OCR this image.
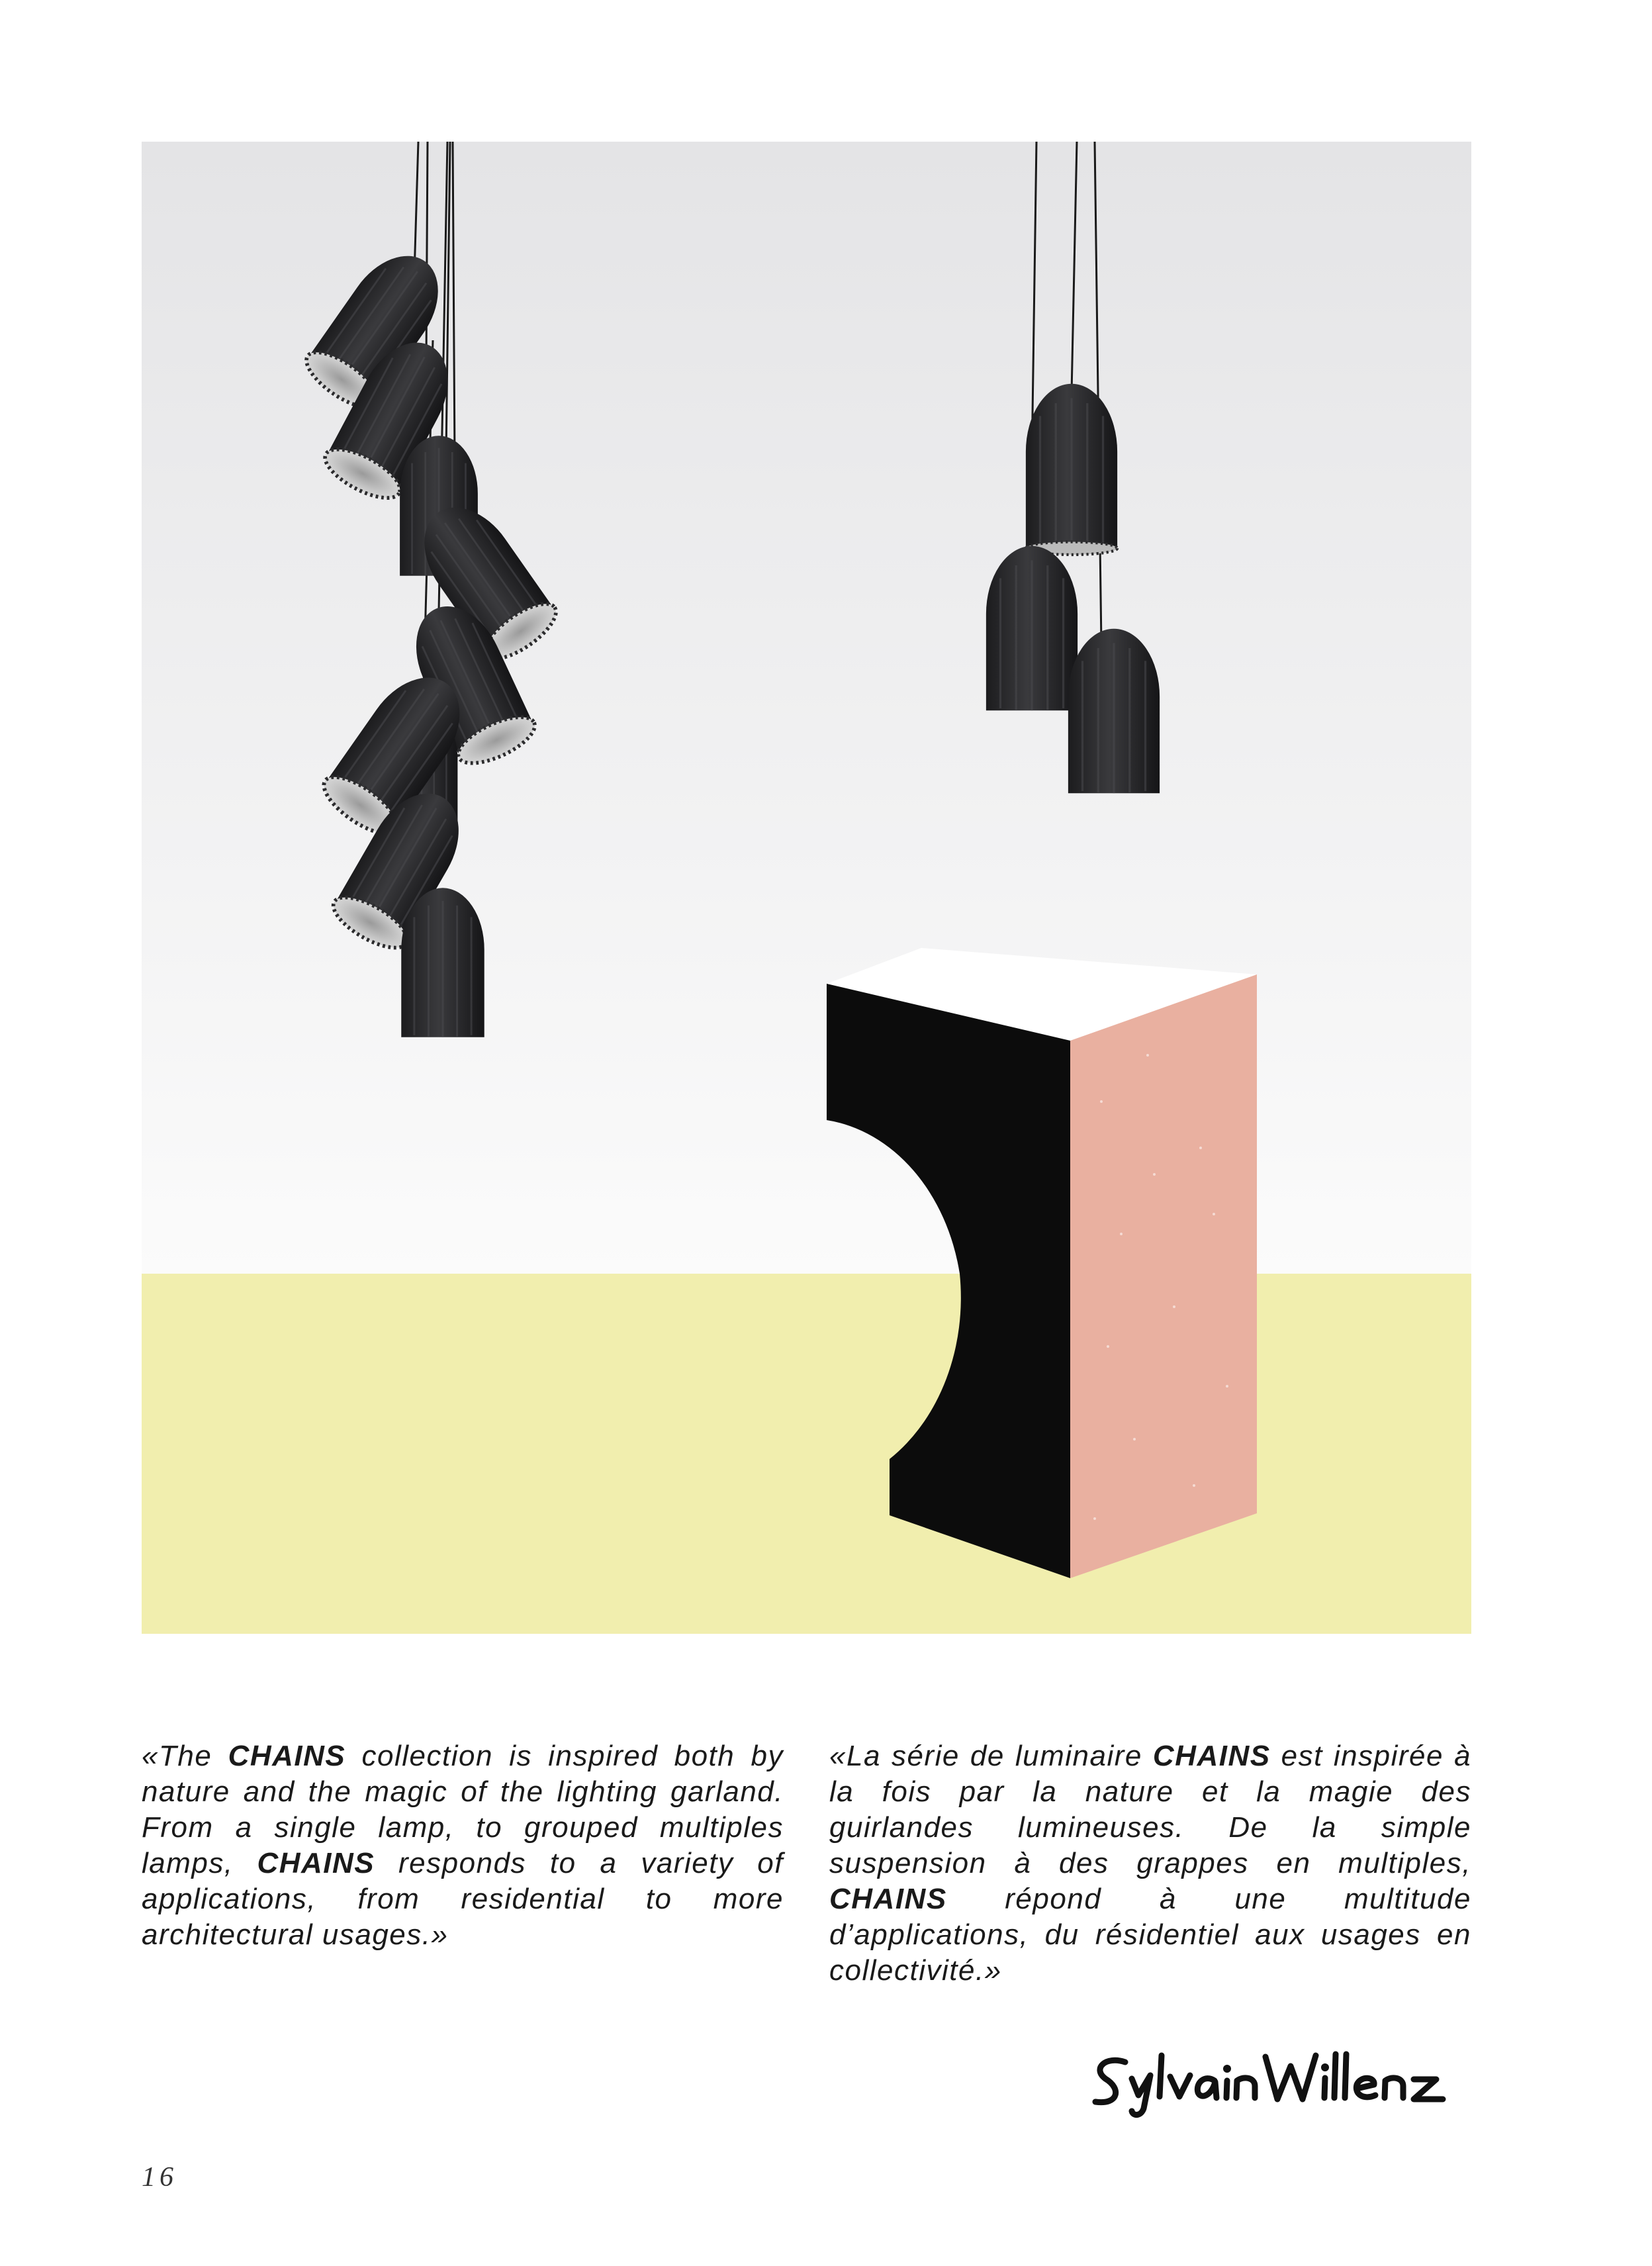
«The CHAINS collection is inspired both by nature and the magic of the lighting garland. From a single lamp, to grouped multiples lamps, CHAINS responds to a variety of applications, from residential to more architectural usages.»

«La série de luminaire CHAINS est inspirée à la fois par la nature et la magie des guirlandes lumineuses. De la simple suspension à des grappes en multiples, CHAINS répond à une multitude d’applications, du résidentiel aux usages en collectivité.»

16
